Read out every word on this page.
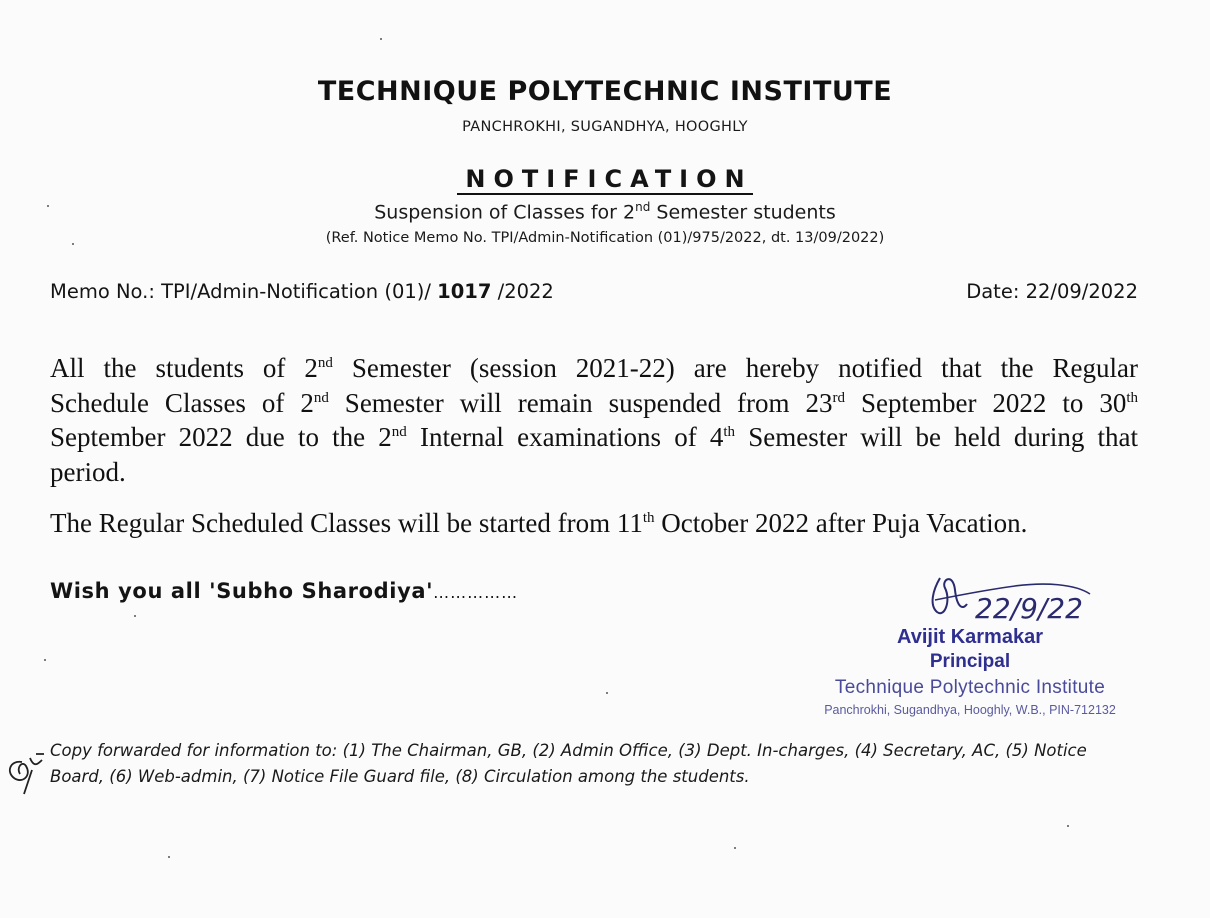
TECHNIQUE POLYTECHNIC INSTITUTE
PANCHROKHI, SUGANDHYA, HOOGHLY
NOTIFICATION
Suspension of Classes for 2nd Semester students
(Ref. Notice Memo No. TPI/Admin-Notification (01)/975/2022, dt. 13/09/2022)
Memo No.: TPI/Admin-Notification (01)/ 1017 /2022	Date: 22/09/2022
All the students of 2nd Semester (session 2021-22) are hereby notified that the Regular
Schedule Classes of 2nd Semester will remain suspended from 23rd September 2022 to 30th
September 2022 due to the 2nd Internal examinations of 4th Semester will be held during that
period.
The Regular Scheduled Classes will be started from 11th October 2022 after Puja Vacation.
Wish you all 'Subho Sharodiya'……………	22/9/22
Avijit Karmakar
Principal
Technique Polytechnic Institute
Panchrokhi, Sugandhya, Hooghly, W.B., PIN-712132
Copy forwarded for information to: (1) The Chairman, GB, (2) Admin Office, (3) Dept. In-charges, (4) Secretary, AC, (5) Notice Board, (6) Web-admin, (7) Notice File Guard file, (8) Circulation among the students.
